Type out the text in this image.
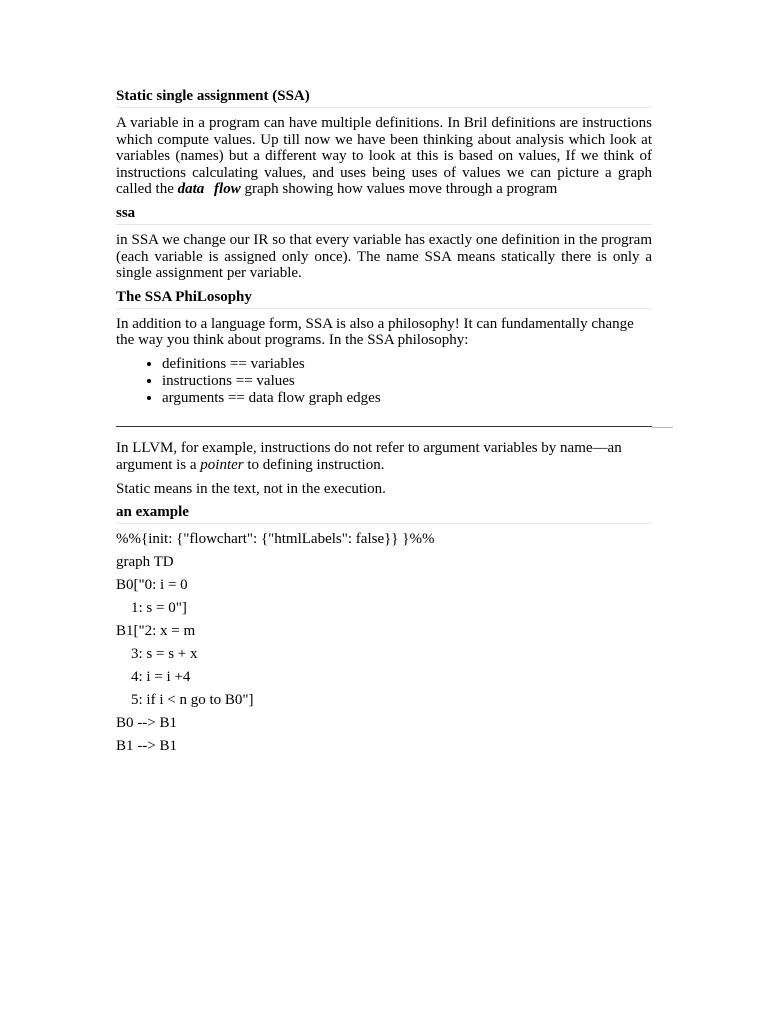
Static single assignment (SSA)

A variable in a program can have multiple definitions. In Bril definitions are instructions which compute values. Up till now we have been thinking about analysis which look at variables (names) but a different way to look at this is based on values, If we think of instructions calculating values, and uses being uses of values we can picture a graph called the data flow graph showing how values move through a program

ssa

in SSA we change our IR so that every variable has exactly one definition in the program (each variable is assigned only once). The name SSA means statically there is only a single assignment per variable.

The SSA PhiLosophy

In addition to a language form, SSA is also a philosophy! It can fundamentally change the way you think about programs. In the SSA philosophy:

• definitions == variables
• instructions == values
• arguments == data flow graph edges

In LLVM, for example, instructions do not refer to argument variables by name—an argument is a pointer to defining instruction.

Static means in the text, not in the execution.

an example

%%{init: {"flowchart": {"htmlLabels": false}} }%%

graph TD

B0["0: i = 0

1: s = 0"]

B1["2: x = m

3: s = s + x

4: i = i +4

5: if i < n go to B0"]

B0 --> B1

B1 --> B1
